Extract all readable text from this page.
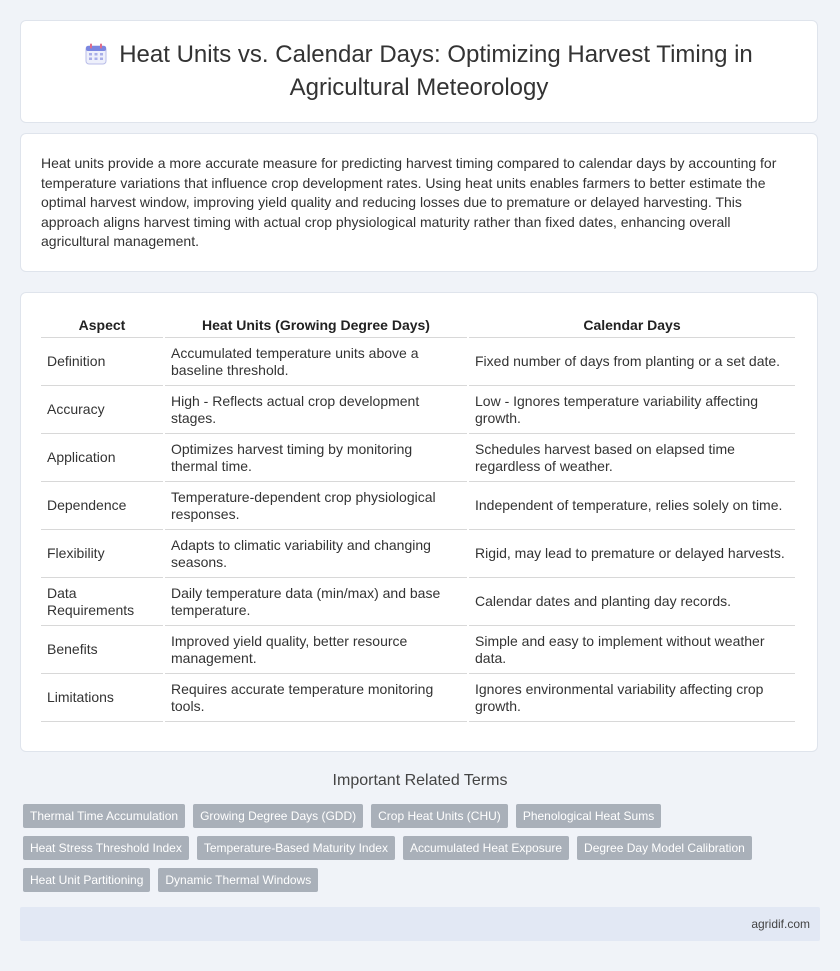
Heat Units vs. Calendar Days: Optimizing Harvest Timing in Agricultural Meteorology

Heat units provide a more accurate measure for predicting harvest timing compared to calendar days by accounting for temperature variations that influence crop development rates. Using heat units enables farmers to better estimate the optimal harvest window, improving yield quality and reducing losses due to premature or delayed harvesting. This approach aligns harvest timing with actual crop physiological maturity rather than fixed dates, enhancing overall agricultural management.

Aspect	Heat Units (Growing Degree Days)	Calendar Days
Definition	Accumulated temperature units above a baseline threshold.	Fixed number of days from planting or a set date.
Accuracy	High - Reflects actual crop development stages.	Low - Ignores temperature variability affecting growth.
Application	Optimizes harvest timing by monitoring thermal time.	Schedules harvest based on elapsed time regardless of weather.
Dependence	Temperature-dependent crop physiological responses.	Independent of temperature, relies solely on time.
Flexibility	Adapts to climatic variability and changing seasons.	Rigid, may lead to premature or delayed harvests.
Data Requirements	Daily temperature data (min/max) and base temperature.	Calendar dates and planting day records.
Benefits	Improved yield quality, better resource management.	Simple and easy to implement without weather data.
Limitations	Requires accurate temperature monitoring tools.	Ignores environmental variability affecting crop growth.
Important Related Terms
Thermal Time Accumulation	Growing Degree Days (GDD)	Crop Heat Units (CHU)	Phenological Heat Sums
Heat Stress Threshold Index	Temperature-Based Maturity Index	Accumulated Heat Exposure	Degree Day Model Calibration
Heat Unit Partitioning	Dynamic Thermal Windows
agridif.com
